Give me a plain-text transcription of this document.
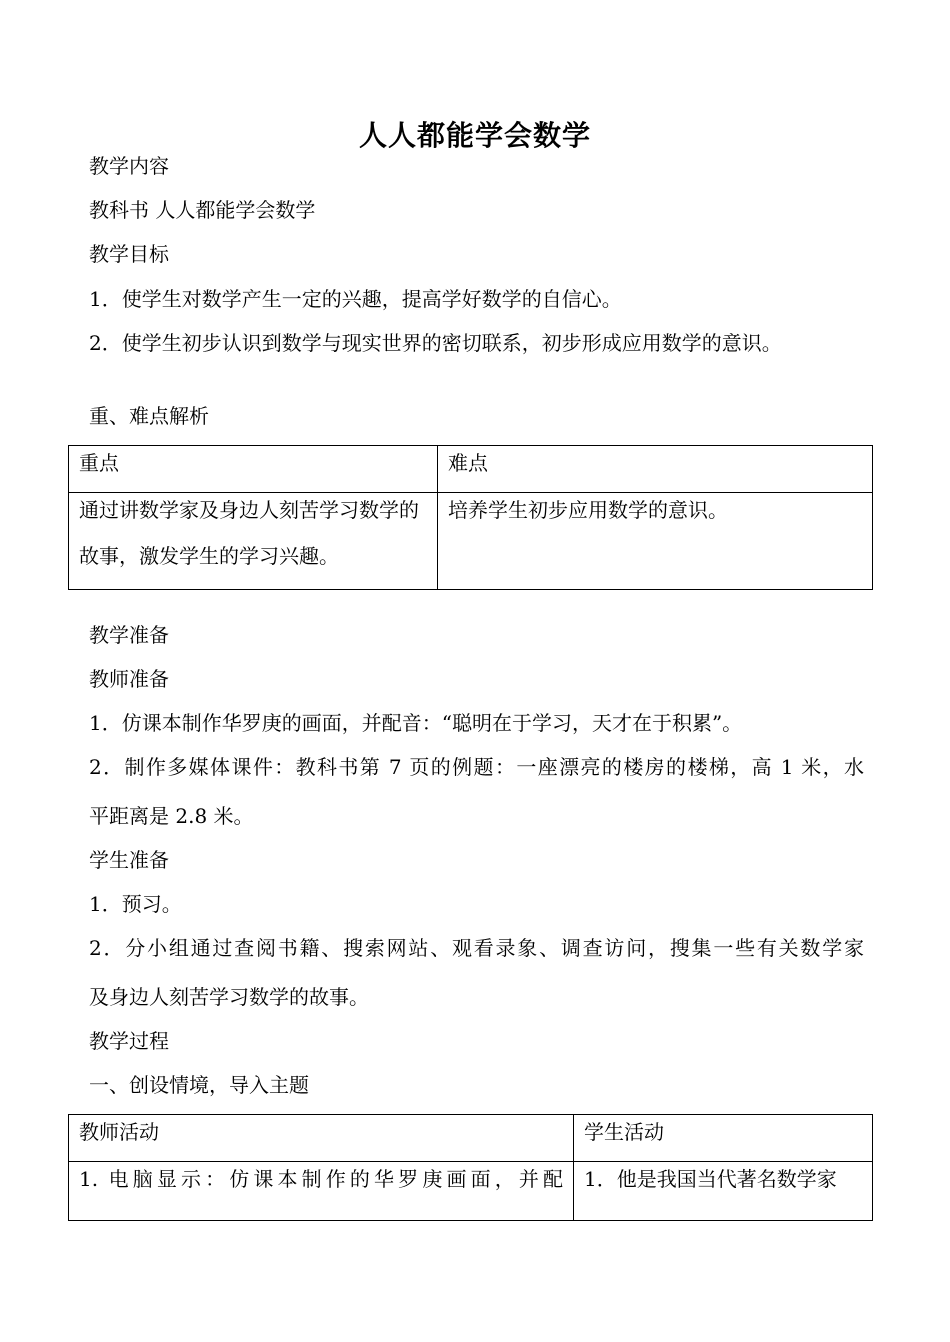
人人都能学会数学
教学内容
教科书 人人都能学会数学
教学目标
1．使学生对数学产生一定的兴趣，提高学好数学的自信心。
2．使学生初步认识到数学与现实世界的密切联系，初步形成应用数学的意识。
重、难点解析
重点	难点

通过讲数学家及身边人刻苦学习数学的故事，激发学生的学习兴趣。	培养学生初步应用数学的意识。
教学准备
教师准备
1．仿课本制作华罗庚的画面，并配音：“聪明在于学习，天才在于积累”。
2．制作多媒体课件：教科书第 7 页的例题：一座漂亮的楼房的楼梯，高 1 米，水
平距离是 2.8 米。
学生准备
1．预习。
2．分小组通过查阅书籍、搜索网站、观看录象、调查访问，搜集一些有关数学家
及身边人刻苦学习数学的故事。
教学过程
一、创设情境，导入主题
教师活动	学生活动

1. 电脑显示：仿课本制作的华罗庚画面，并配	1．他是我国当代著名数学家
